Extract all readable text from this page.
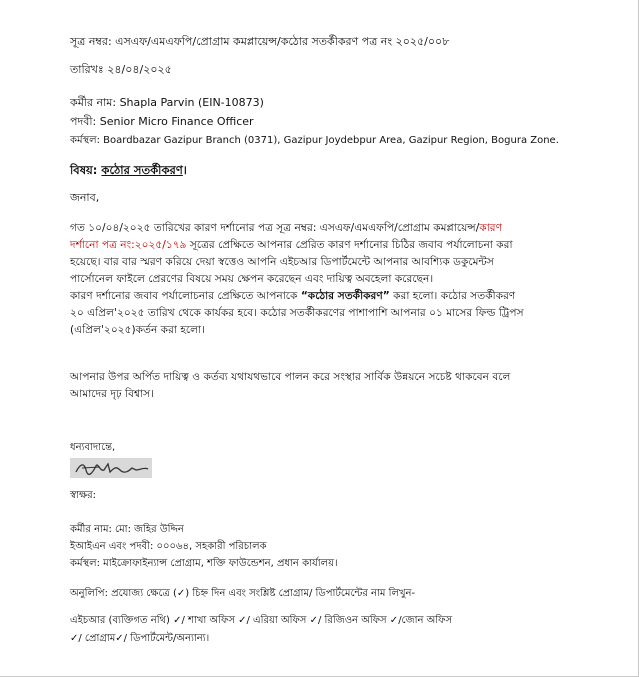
সূত্র নম্বর: এসএফ/এমএফপি/প্রোগ্রাম কমপ্লায়েন্স/কঠোর সতর্কীকরণ পত্র নং ২০২৫/০০৮

তারিখঃ ২৪/০৪/২০২৫

কর্মীর নাম: Shapla Parvin (EIN-10873)

পদবী: Senior Micro Finance Officer

কর্মস্থল: Boardbazar Gazipur Branch (0371), Gazipur Joydebpur Area, Gazipur Region, Bogura Zone.

বিষয়: কঠোর সতর্কীকরণ।

জনাব,

গত ১০/০৪/২০২৫ তারিখের কারণ দর্শানোর পত্র সূত্র নম্বর: এসএফ/এমএফপি/প্রোগ্রাম কমপ্লায়েন্স/কারণ

দর্শানো পত্র নং:২০২৫/১৭৯ সূত্রের প্রেক্ষিতে আপনার প্রেরিত কারণ দর্শানোর চিঠির জবাব পর্যালোচনা করা

হয়েছে। বার বার স্মরণ করিয়ে দেয়া স্বত্তেও আপনি এইচআর ডিপার্টমেন্টে আপনার আবশ্যিক ডকুমেন্টস

পার্সোনেল ফাইলে প্রেরণের বিষয়ে সময় ক্ষেপন করেছেন এবং দায়িত্ব অবহেলা করেছেন।

কারণ দর্শানোর জবাব পর্যালোচনার প্রেক্ষিতে আপনাকে “কঠোর সতর্কীকরণ” করা হলো। কঠোর সতর্কীকরণ

২০ এপ্রিল'২০২৫ তারিখ থেকে কার্যকর হবে। কঠোর সতর্কীকরণের পাশাপাশি আপনার ০১ মাসের ফিল্ড ট্রিপস

(এপ্রিল'২০২৫)কর্তন করা হলো।

আপনার উপর অর্পিত দায়িত্ব ও কর্তব্য যথাযথভাবে পালন করে সংস্থার সার্বিক উন্নয়নে সচেষ্ট থাকবেন বলে

আমাদের দৃঢ় বিশ্বাস।

ধন্যবাদান্তে,

স্বাক্ষর:

কর্মীর নাম: মো: জহির উদ্দিন

ইআইএন এবং পদবী: ০০০৬৪, সহকারী পরিচালক

কর্মস্থল: মাইক্রোফাইন্যান্স প্রোগ্রাম, শক্তি ফাউন্ডেশন, প্রধান কার্যালয়।

অনুলিপি: প্রযোজ্য ক্ষেত্রে (✓) চিহ্ন দিন এবং সংশ্লিষ্ট প্রোগ্রাম/ ডিপার্টমেন্টের নাম লিখুন-

এইচআর (ব্যক্তিগত নথি) ✓/ শাখা অফিস ✓/ এরিয়া অফিস ✓/ রিজিওন অফিস ✓/জোন অফিস

✓/ প্রোগ্রাম✓/ ডিপার্টমেন্ট/অন্যান্য।
